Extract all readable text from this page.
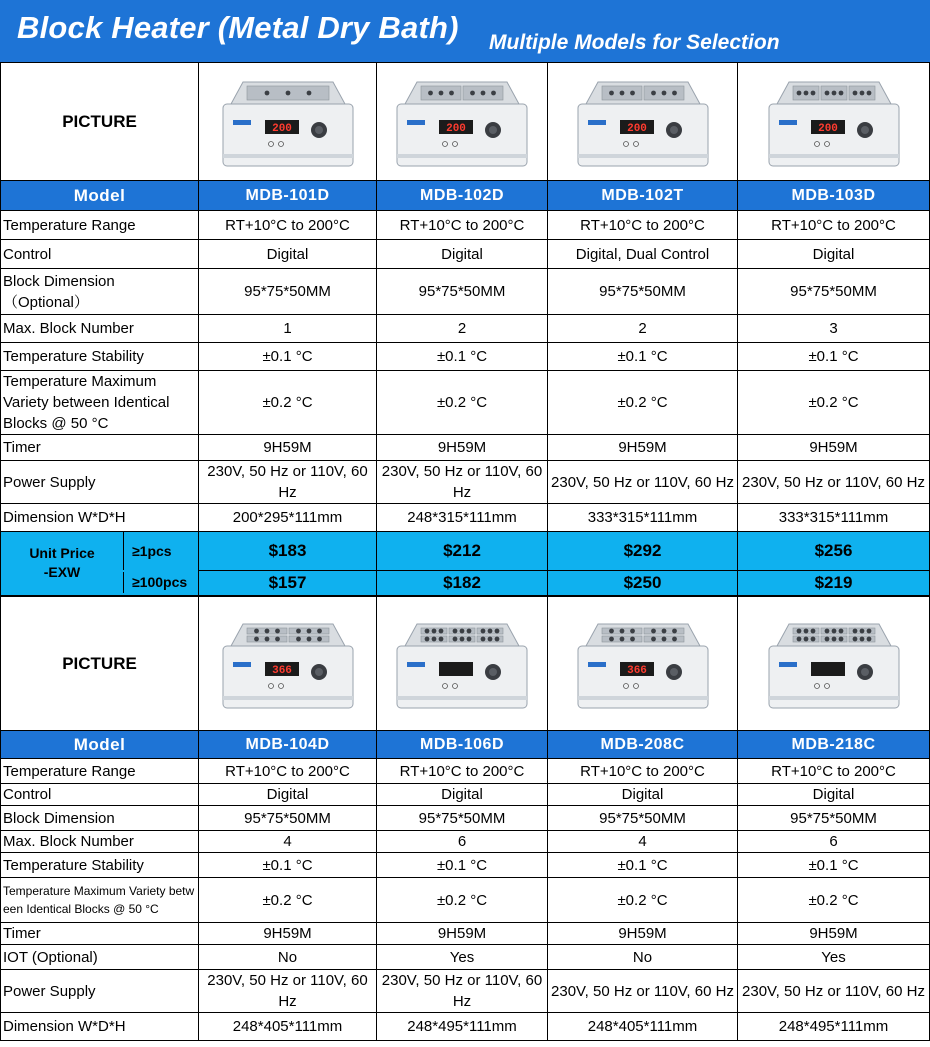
Block Heater (Metal Dry Bath) Multiple Models for Selection
PICTURE	200	200	200	200

Model	MDB-101D	MDB-102D	MDB-102T	MDB-103D
Temperature Range	RT+10°C to 200°C	RT+10°C to 200°C	RT+10°C to 200°C	RT+10°C to 200°C
Control	Digital	Digital	Digital, Dual Control	Digital
Block Dimension
（Optional）	95*75*50MM	95*75*50MM	95*75*50MM	95*75*50MM
Max. Block Number	1	2	2	3
Temperature Stability	±0.1 °C	±0.1 °C	±0.1 °C	±0.1 °C
Temperature Maximum Variety between Identical Blocks @ 50 °C	±0.2 °C	±0.2 °C	±0.2 °C	±0.2 °C
Timer	9H59M	9H59M	9H59M	9H59M
Power Supply	230V, 50 Hz or 110V, 60 Hz	230V, 50 Hz or 110V, 60 Hz	230V, 50 Hz or 110V, 60 Hz	230V, 50 Hz or 110V, 60 Hz
Dimension W*D*H	200*295*111mm	248*315*111mm	333*315*111mm	333*315*111mm

Unit Price
-EXW
≥1pcs	$183	$212	$292	$256

≥100pcs	$157	$182	$250	$219
PICTURE	366		366

Model	MDB-104D	MDB-106D	MDB-208C	MDB-218C
Temperature Range	RT+10°C to 200°C	RT+10°C to 200°C	RT+10°C to 200°C	RT+10°C to 200°C
Control	Digital	Digital	Digital	Digital
Block Dimension	95*75*50MM	95*75*50MM	95*75*50MM	95*75*50MM
Max. Block Number	4	6	4	6
Temperature Stability	±0.1 °C	±0.1 °C	±0.1 °C	±0.1 °C
Temperature Maximum Variety betw een Identical Blocks @ 50 °C	±0.2 °C	±0.2 °C	±0.2 °C	±0.2 °C
Timer	9H59M	9H59M	9H59M	9H59M
IOT (Optional)	No	Yes	No	Yes
Power Supply	230V, 50 Hz or 110V, 60 Hz	230V, 50 Hz or 110V, 60 Hz	230V, 50 Hz or 110V, 60 Hz	230V, 50 Hz or 110V, 60 Hz
Dimension W*D*H	248*405*111mm	248*495*111mm	248*405*111mm	248*495*111mm
